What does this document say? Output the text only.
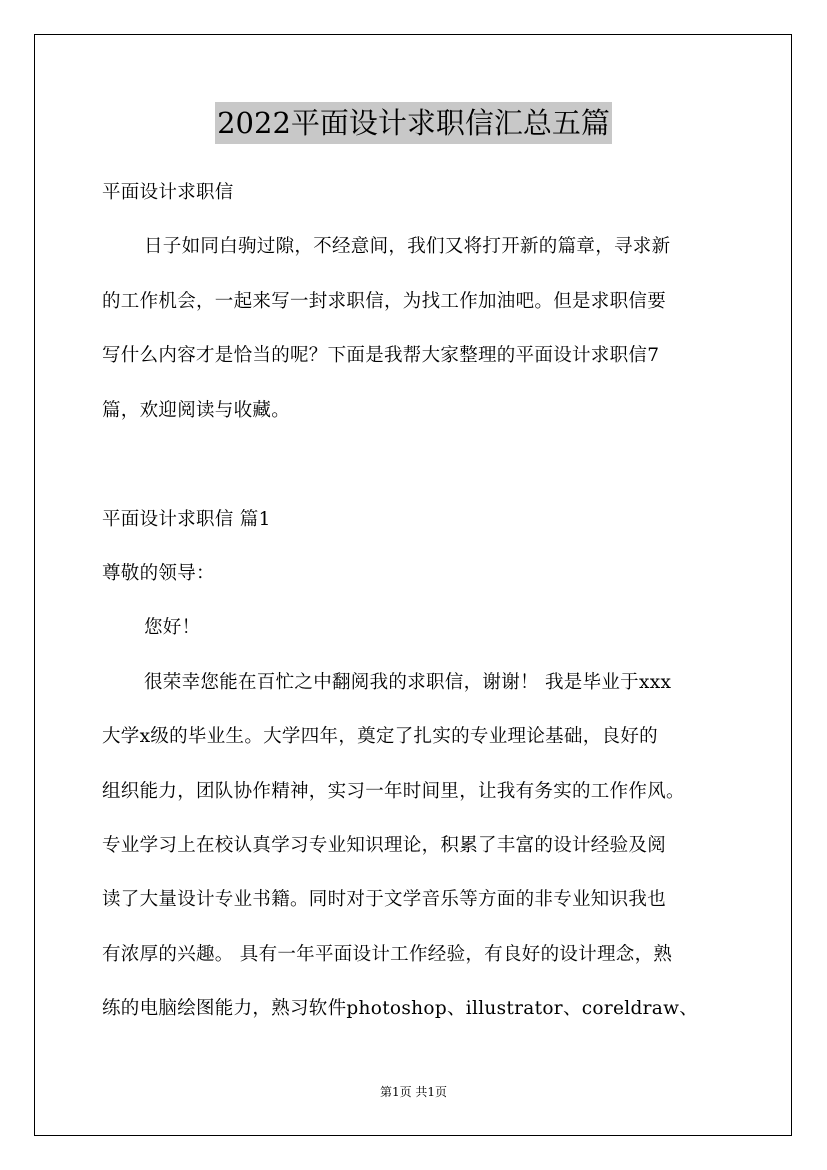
2022平面设计求职信汇总五篇
平面设计求职信
日子如同白驹过隙，不经意间，我们又将打开新的篇章，寻求新
的工作机会，一起来写一封求职信，为找工作加油吧。但是求职信要
写什么内容才是恰当的呢？下面是我帮大家整理的平面设计求职信7
篇，欢迎阅读与收藏。
平面设计求职信 篇1
尊敬的领导：
您好！
很荣幸您能在百忙之中翻阅我的求职信，谢谢！ 我是毕业于xxx
大学x级的毕业生。大学四年，奠定了扎实的专业理论基础，良好的
组织能力，团队协作精神，实习一年时间里，让我有务实的工作作风。
专业学习上在校认真学习专业知识理论，积累了丰富的设计经验及阅
读了大量设计专业书籍。同时对于文学音乐等方面的非专业知识我也
有浓厚的兴趣。 具有一年平面设计工作经验，有良好的设计理念，熟
练的电脑绘图能力，熟习软件photoshop、illustrator、coreldraw、
第1页 共1页
